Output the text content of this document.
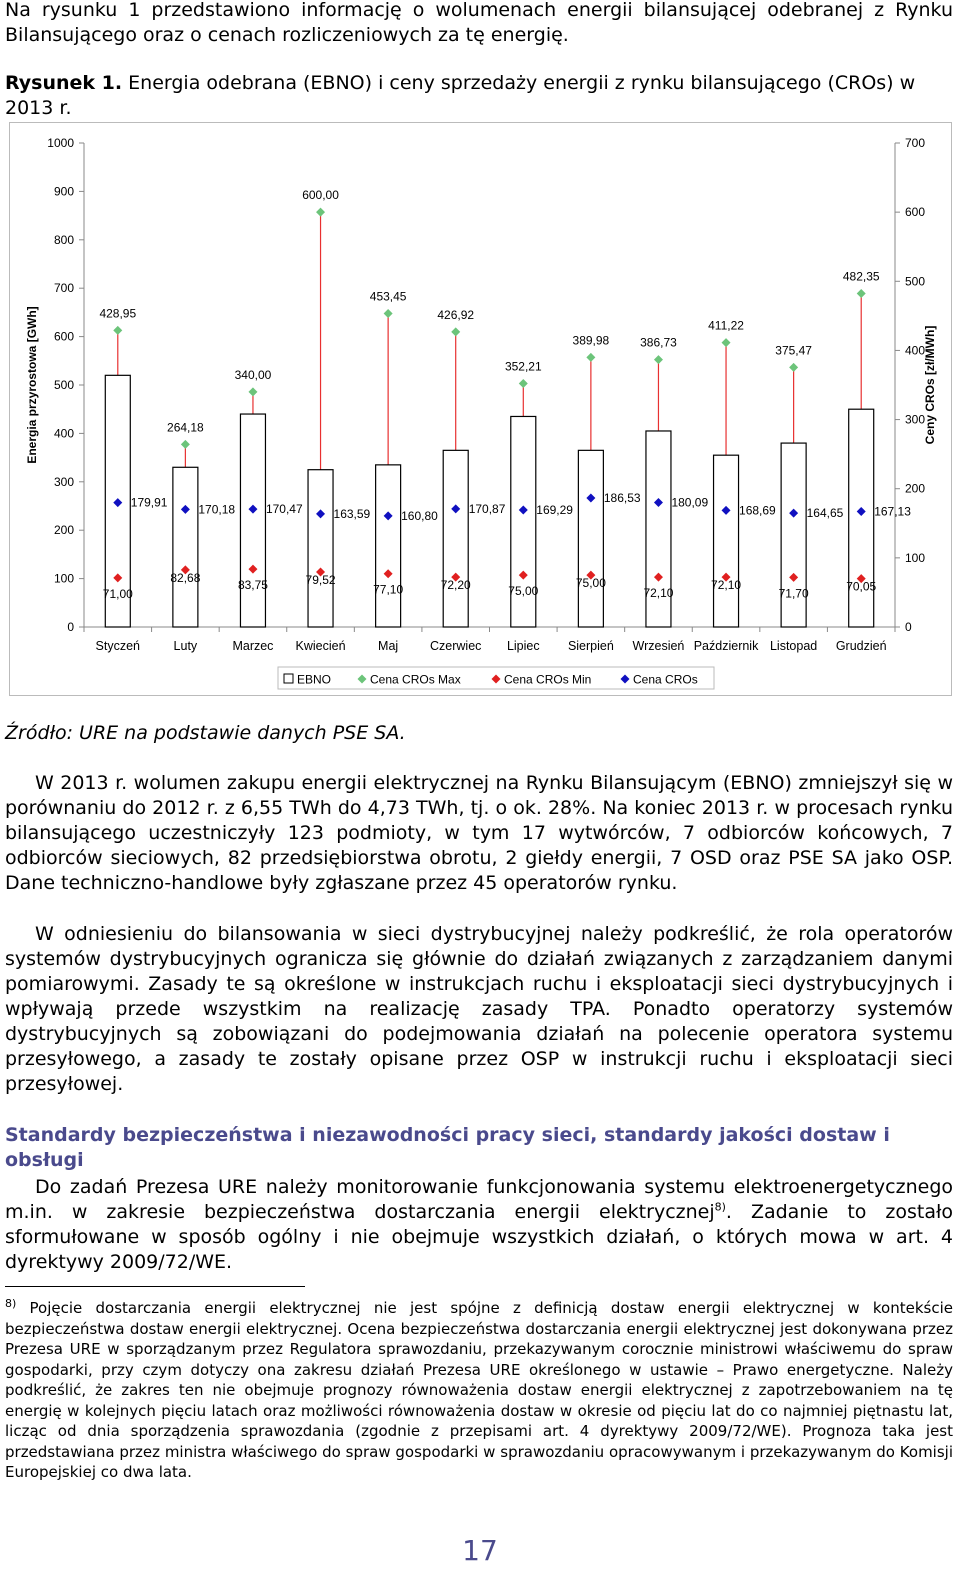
Na rysunku 1 przedstawiono informację o wolumenach energii bilansującej odebranej z Rynku Bilansującego oraz o cenach rozliczeniowych za tę energię.

Rysunek 1. Energia odebrana (EBNO) i ceny sprzedaży energii z rynku bilansującego (CROs) w 2013 r.

0
100
200
300
400
500
600
700
800
900
1000
0
100
200
300
400
500
600
700
Energia przyrostowa [GWh]	Ceny CROs [zł/MWh]
Styczeń	Luty	Marzec Kwiecień	Maj	Czerwiec Lipiec Sierpień Wrzesień Październik Listopad Grudzień
428,95
264,18
340,00
600,00
453,45
426,92
352,21
389,98	386,73
411,22
375,47
482,35
71,00
82,68
83,75	79,52
77,10	72,20	75,00
75,00
72,10
72,10
71,70	70,05
179,91	170,18	170,47	163,59	160,80	170,87	169,29
186,53	180,09
168,69	164,65	167,13
EBNO	Cena CROs Max	Cena CROs Min	Cena CROs

Źródło: URE na podstawie danych PSE SA.

W 2013 r. wolumen zakupu energii elektrycznej na Rynku Bilansującym (EBNO) zmniejszył się w porównaniu do 2012 r. z 6,55 TWh do 4,73 TWh, tj. o ok. 28%. Na koniec 2013 r. w procesach rynku bilansującego uczestniczyły 123 podmioty, w tym 17 wytwórców, 7 odbiorców końcowych, 7 odbiorców sieciowych, 82 przedsiębiorstwa obrotu, 2 giełdy energii, 7 OSD oraz PSE SA jako OSP. Dane techniczno-handlowe były zgłaszane przez 45 operatorów rynku.

W odniesieniu do bilansowania w sieci dystrybucyjnej należy podkreślić, że rola operatorów systemów dystrybucyjnych ogranicza się głównie do działań związanych z zarządzaniem danymi pomiarowymi. Zasady te są określone w instrukcjach ruchu i eksploatacji sieci dystrybucyjnych i wpływają przede wszystkim na realizację zasady TPA. Ponadto operatorzy systemów dystrybucyjnych są zobowiązani do podejmowania działań na polecenie operatora systemu przesyłowego, a zasady te zostały opisane przez OSP w instrukcji ruchu i eksploatacji sieci przesyłowej.

Standardy bezpieczeństwa i niezawodności pracy sieci, standardy jakości dostaw i obsługi

Do zadań Prezesa URE należy monitorowanie funkcjonowania systemu elektroenergetycznego m.in. w zakresie bezpieczeństwa dostarczania energii elektrycznej$^{8)}$. Zadanie to zostało sformułowane w sposób ogólny i nie obejmuje wszystkich działań, o których mowa w art. 4 dyrektywy 2009/72/WE.

$^{8)}$ Pojęcie dostarczania energii elektrycznej nie jest spójne z definicją dostaw energii elektrycznej w kontekście bezpieczeństwa dostaw energii elektrycznej. Ocena bezpieczeństwa dostarczania energii elektrycznej jest dokonywana przez Prezesa URE w sporządzanym przez Regulatora sprawozdaniu, przekazywanym corocznie ministrowi właściwemu do spraw gospodarki, przy czym dotyczy ona zakresu działań Prezesa URE określonego w ustawie – Prawo energetyczne. Należy podkreślić, że zakres ten nie obejmuje prognozy równoważenia dostaw energii elektrycznej z zapotrzebowaniem na tę energię w kolejnych pięciu latach oraz możliwości równoważenia dostaw w okresie od pięciu lat do co najmniej piętnastu lat, licząc od dnia sporządzenia sprawozdania (zgodnie z przepisami art. 4 dyrektywy 2009/72/WE). Prognoza taka jest przedstawiana przez ministra właściwego do spraw gospodarki w sprawozdaniu opracowywanym i przekazywanym do Komisji Europejskiej co dwa lata.

17
